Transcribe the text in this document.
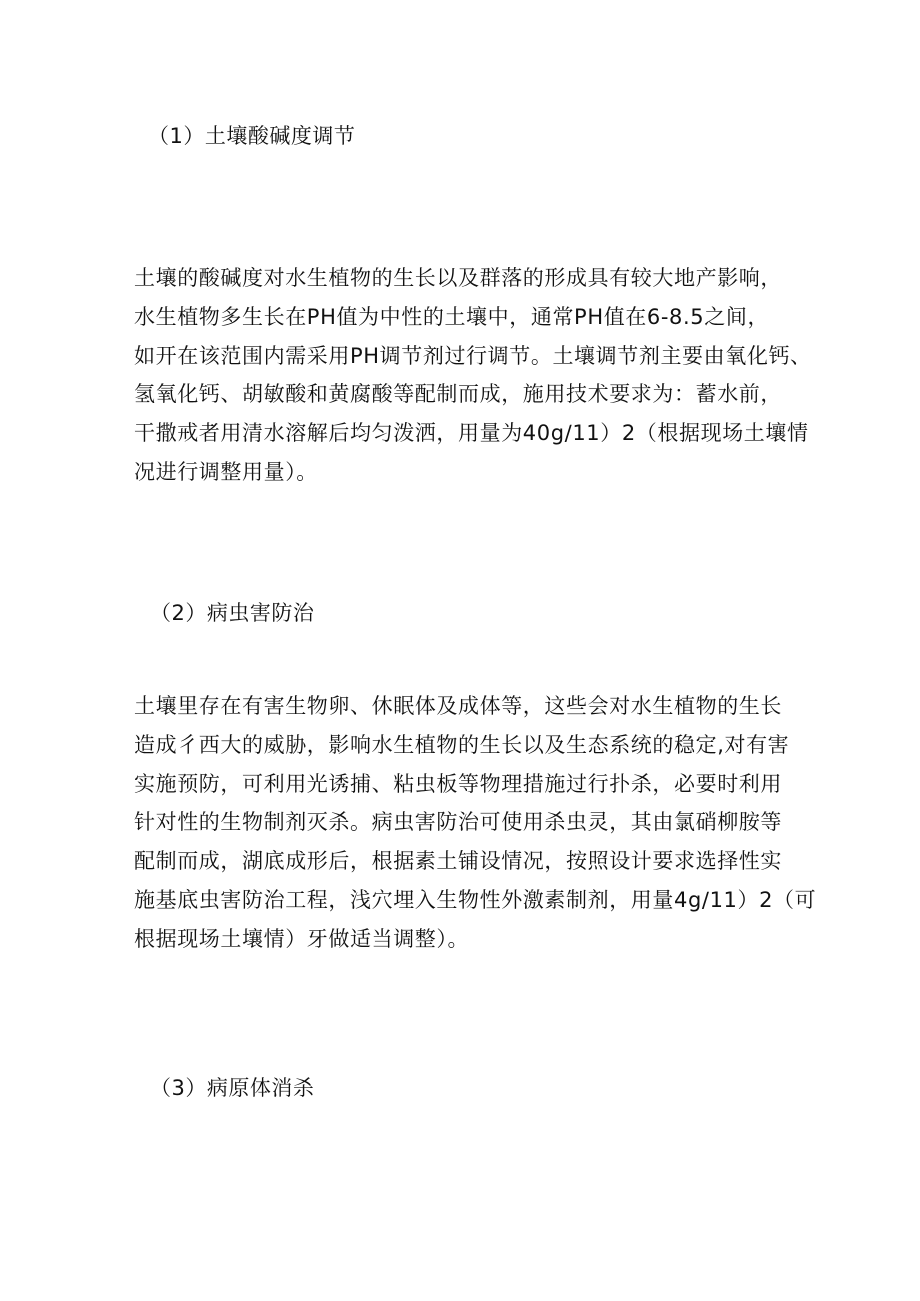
（1）土壤酸碱度调节
土壤的酸碱度对水生植物的生长以及群落的形成具有较大地产影响，
水生植物多生长在PH值为中性的土壤中，通常PH值在6-8.5之间，
如开在该范围内需采用PH调节剂过行调节。土壤调节剂主要由氧化钙、
氢氧化钙、胡敏酸和黄腐酸等配制而成，施用技术要求为：蓄水前，
干撒戒者用清水溶解后均匀泼洒，用量为40g∕11）2（根据现场土壤情
况进行调整用量）。
（2）病虫害防治
土壤里存在有害生物卵、休眠体及成体等，这些会对水生植物的生长
造成彳西大的威胁，影响水生植物的生长以及生态系统的稳定,对有害
实施预防，可利用光诱捕、粘虫板等物理措施过行扑杀，必要时利用
针对性的生物制剂灭杀。病虫害防治可使用杀虫灵，其由氯硝柳胺等
配制而成，湖底成形后，根据素土铺设情况，按照设计要求选择性实
施基底虫害防治工程，浅穴埋入生物性外激素制剂，用量4g∕11）2（可
根据现场土壤情）牙做适当调整）。
（3）病原体消杀
